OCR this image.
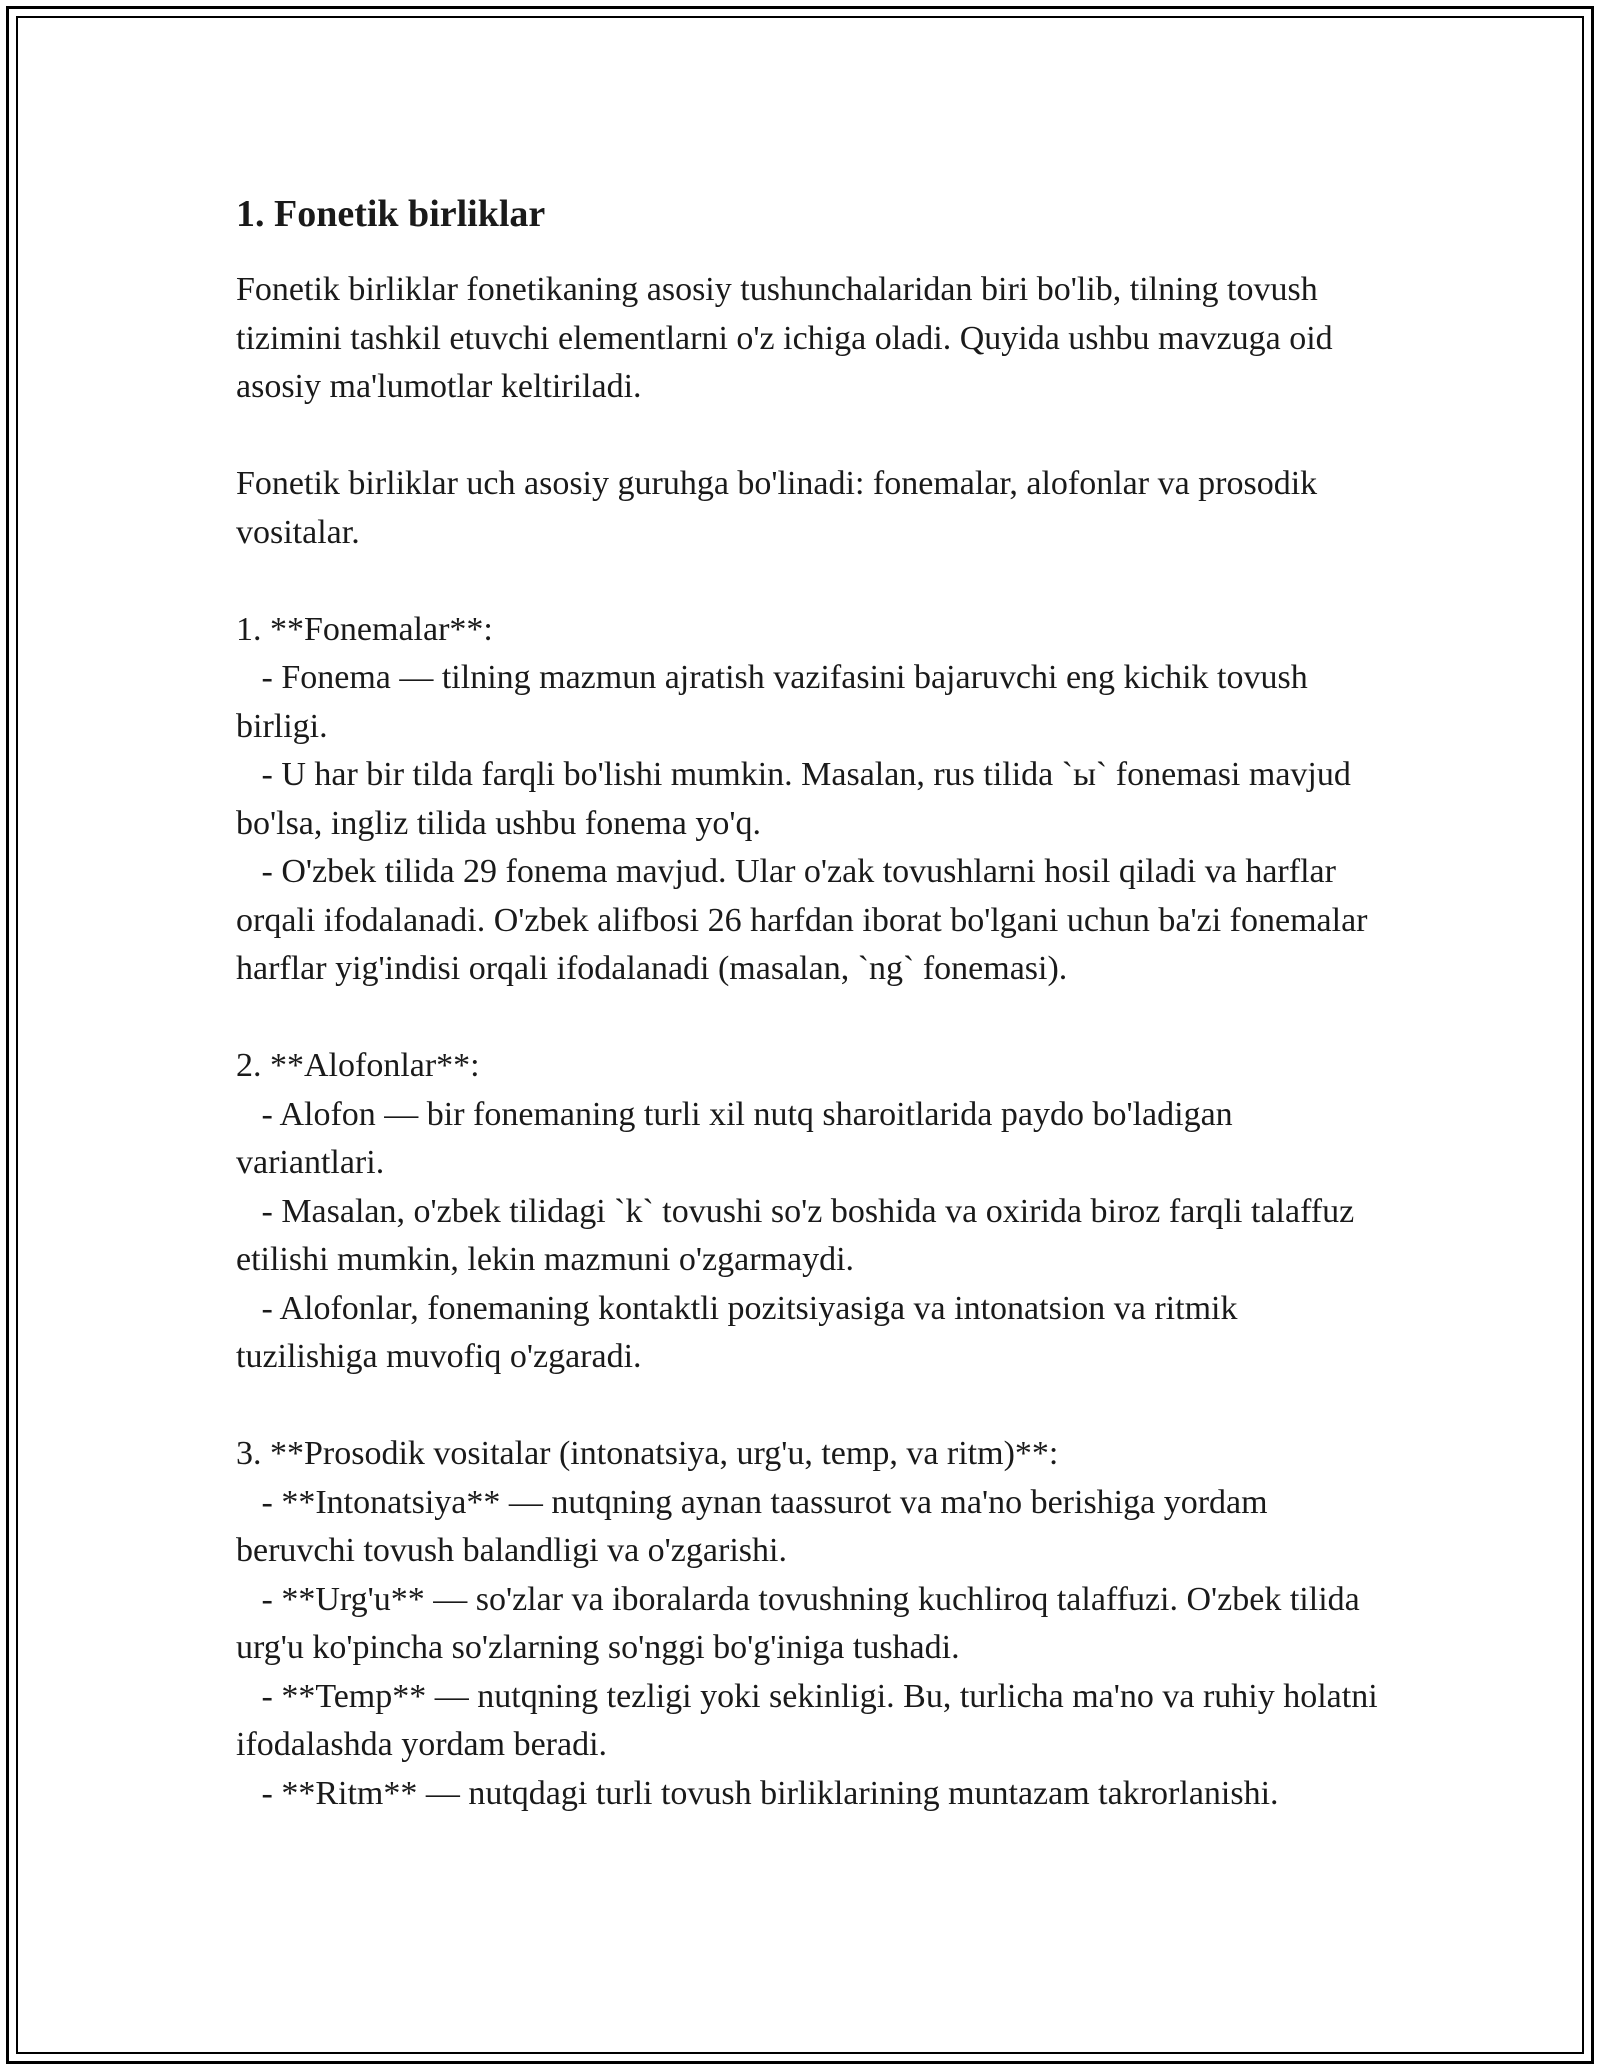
1. Fonetik birliklar

Fonetik birliklar fonetikaning asosiy tushunchalaridan biri bo'lib, tilning tovush tizimini tashkil etuvchi elementlarni o'z ichiga oladi. Quyida ushbu mavzuga oid asosiy ma'lumotlar keltiriladi.

Fonetik birliklar uch asosiy guruhga bo'linadi: fonemalar, alofonlar va prosodik vositalar.

1. **Fonemalar**:
- Fonema — tilning mazmun ajratish vazifasini bajaruvchi eng kichik tovush birligi.
- U har bir tilda farqli bo'lishi mumkin. Masalan, rus tilida `ы` fonemasi mavjud bo'lsa, ingliz tilida ushbu fonema yo'q.
- O'zbek tilida 29 fonema mavjud. Ular o'zak tovushlarni hosil qiladi va harflar orqali ifodalanadi. O'zbek alifbosi 26 harfdan iborat bo'lgani uchun ba'zi fonemalar harflar yig'indisi orqali ifodalanadi (masalan, `ng` fonemasi).

2. **Alofonlar**:
- Alofon — bir fonemaning turli xil nutq sharoitlarida paydo bo'ladigan variantlari.
- Masalan, o'zbek tilidagi `k` tovushi so'z boshida va oxirida biroz farqli talaffuz etilishi mumkin, lekin mazmuni o'zgarmaydi.
- Alofonlar, fonemaning kontaktli pozitsiyasiga va intonatsion va ritmik tuzilishiga muvofiq o'zgaradi.

3. **Prosodik vositalar (intonatsiya, urg'u, temp, va ritm)**:
- **Intonatsiya** — nutqning aynan taassurot va ma'no berishiga yordam beruvchi tovush balandligi va o'zgarishi.
- **Urg'u** — so'zlar va iboralarda tovushning kuchliroq talaffuzi. O'zbek tilida urg'u ko'pincha so'zlarning so'nggi bo'g'iniga tushadi.
- **Temp** — nutqning tezligi yoki sekinligi. Bu, turlicha ma'no va ruhiy holatni ifodalashda yordam beradi.
- **Ritm** — nutqdagi turli tovush birliklarining muntazam takrorlanishi.
